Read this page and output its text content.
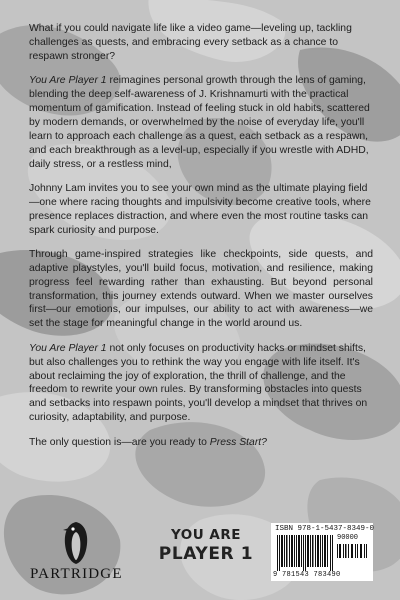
What if you could navigate life like a video game—leveling up, tackling challenges as quests, and embracing every setback as a chance to respawn stronger?

You Are Player 1 reimagines personal growth through the lens of gaming, blending the deep self-awareness of J. Krishnamurti with the practical momentum of gamification. Instead of feeling stuck in old habits, scattered by modern demands, or overwhelmed by the noise of everyday life, you'll learn to approach each challenge as a quest, each setback as a respawn, and each breakthrough as a level-up, especially if you wrestle with ADHD, daily stress, or a restless mind,

Johnny Lam invites you to see your own mind as the ultimate playing field—one where racing thoughts and impulsivity become creative tools, where presence replaces distraction, and where even the most routine tasks can spark curiosity and purpose.

Through game-inspired strategies like checkpoints, side quests, and adaptive playstyles, you'll build focus, motivation, and resilience, making progress feel rewarding rather than exhausting. But beyond personal transformation, this journey extends outward. When we master ourselves first—our emotions, our impulses, our ability to act with awareness—we set the stage for meaningful change in the world around us.

You Are Player 1 not only focuses on productivity hacks or mindset shifts, but also challenges you to rethink the way you engage with life itself. It's about reclaiming the joy of exploration, the thrill of challenge, and the freedom to rewrite your own rules. By transforming obstacles into quests and setbacks into respawn points, you'll develop a mindset that thrives on curiosity, adaptability, and purpose.

The only question is—are you ready to Press Start?

PARTRIDGE
YOU ARE
PLAYER 1
ISBN 978-1-5437-8349-0
90000
9 781543 783490
